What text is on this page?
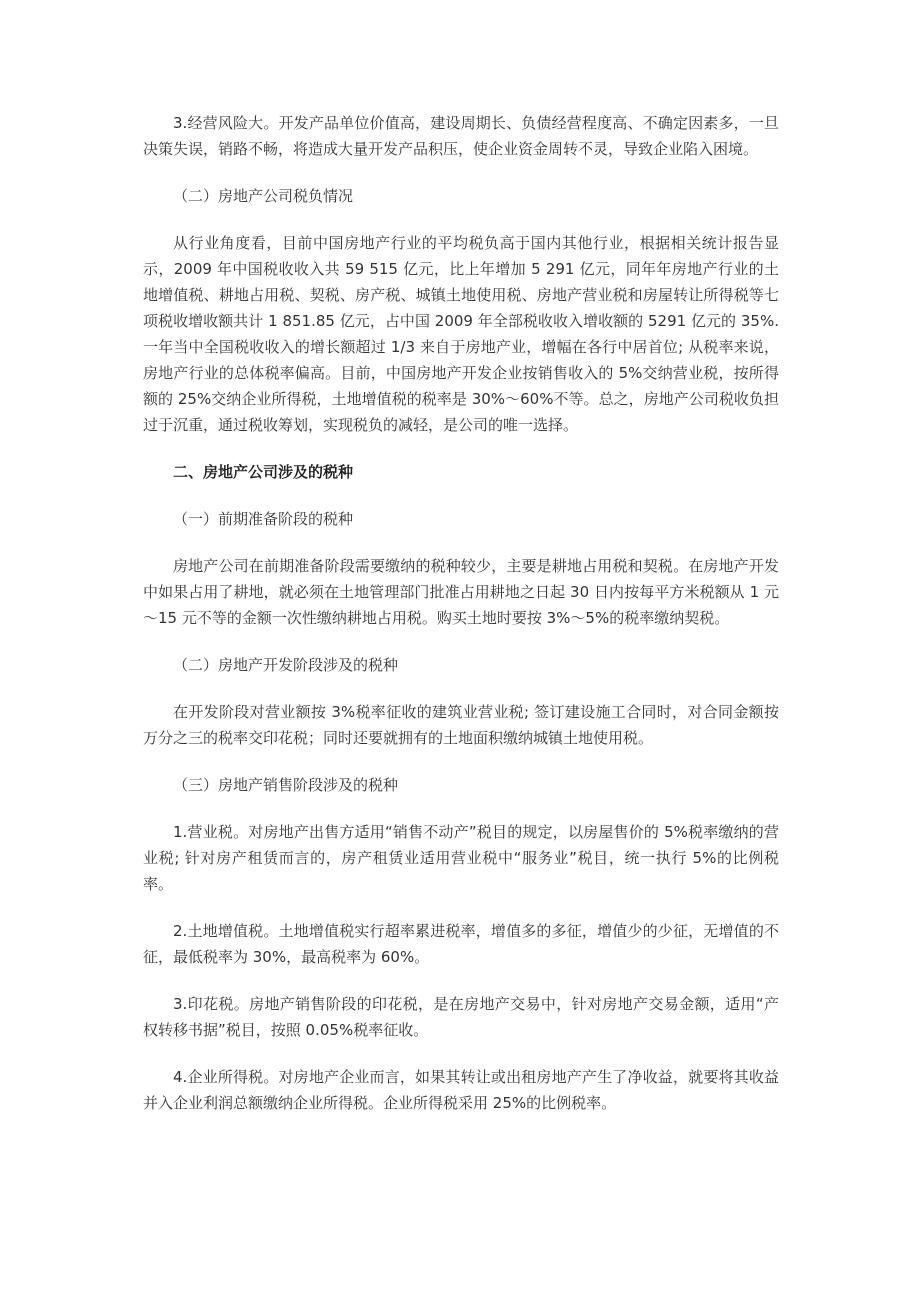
3.经营风险大。开发产品单位价值高，建设周期长、负债经营程度高、不确定因素多，一旦决策失误，销路不畅，将造成大量开发产品积压，使企业资金周转不灵，导致企业陷入困境。

（二）房地产公司税负情况

从行业角度看，目前中国房地产行业的平均税负高于国内其他行业，根据相关统计报告显示，2009 年中国税收收入共 59 515 亿元，比上年增加 5 291 亿元，同年年房地产行业的土地增值税、耕地占用税、契税、房产税、城镇土地使用税、房地产营业税和房屋转让所得税等七项税收增收额共计 1 851.85 亿元，占中国 2009 年全部税收收入增收额的 5291 亿元的 35%.一年当中全国税收收入的增长额超过 1/3 来自于房地产业，增幅在各行中居首位; 从税率来说，房地产行业的总体税率偏高。目前，中国房地产开发企业按销售收入的 5%交纳营业税，按所得额的 25%交纳企业所得税，土地增值税的税率是 30%～60%不等。总之，房地产公司税收负担过于沉重，通过税收筹划，实现税负的减轻，是公司的唯一选择。

二、房地产公司涉及的税种

（一）前期准备阶段的税种

房地产公司在前期准备阶段需要缴纳的税种较少，主要是耕地占用税和契税。在房地产开发中如果占用了耕地，就必须在土地管理部门批准占用耕地之日起 30 日内按每平方米税额从 1 元～15 元不等的金额一次性缴纳耕地占用税。购买土地时要按 3%～5%的税率缴纳契税。

（二）房地产开发阶段涉及的税种

在开发阶段对营业额按 3%税率征收的建筑业营业税; 签订建设施工合同时，对合同金额按万分之三的税率交印花税；同时还要就拥有的土地面积缴纳城镇土地使用税。

（三）房地产销售阶段涉及的税种

1.营业税。对房地产出售方适用“销售不动产”税目的规定，以房屋售价的 5%税率缴纳的营业税; 针对房产租赁而言的，房产租赁业适用营业税中“服务业”税目，统一执行 5%的比例税率。

2.土地增值税。土地增值税实行超率累进税率，增值多的多征，增值少的少征，无增值的不征，最低税率为 30%，最高税率为 60%。

3.印花税。房地产销售阶段的印花税，是在房地产交易中，针对房地产交易金额，适用“产权转移书据”税目，按照 0.05%税率征收。

4.企业所得税。对房地产企业而言，如果其转让或出租房地产产生了净收益，就要将其收益并入企业利润总额缴纳企业所得税。企业所得税采用 25%的比例税率。
